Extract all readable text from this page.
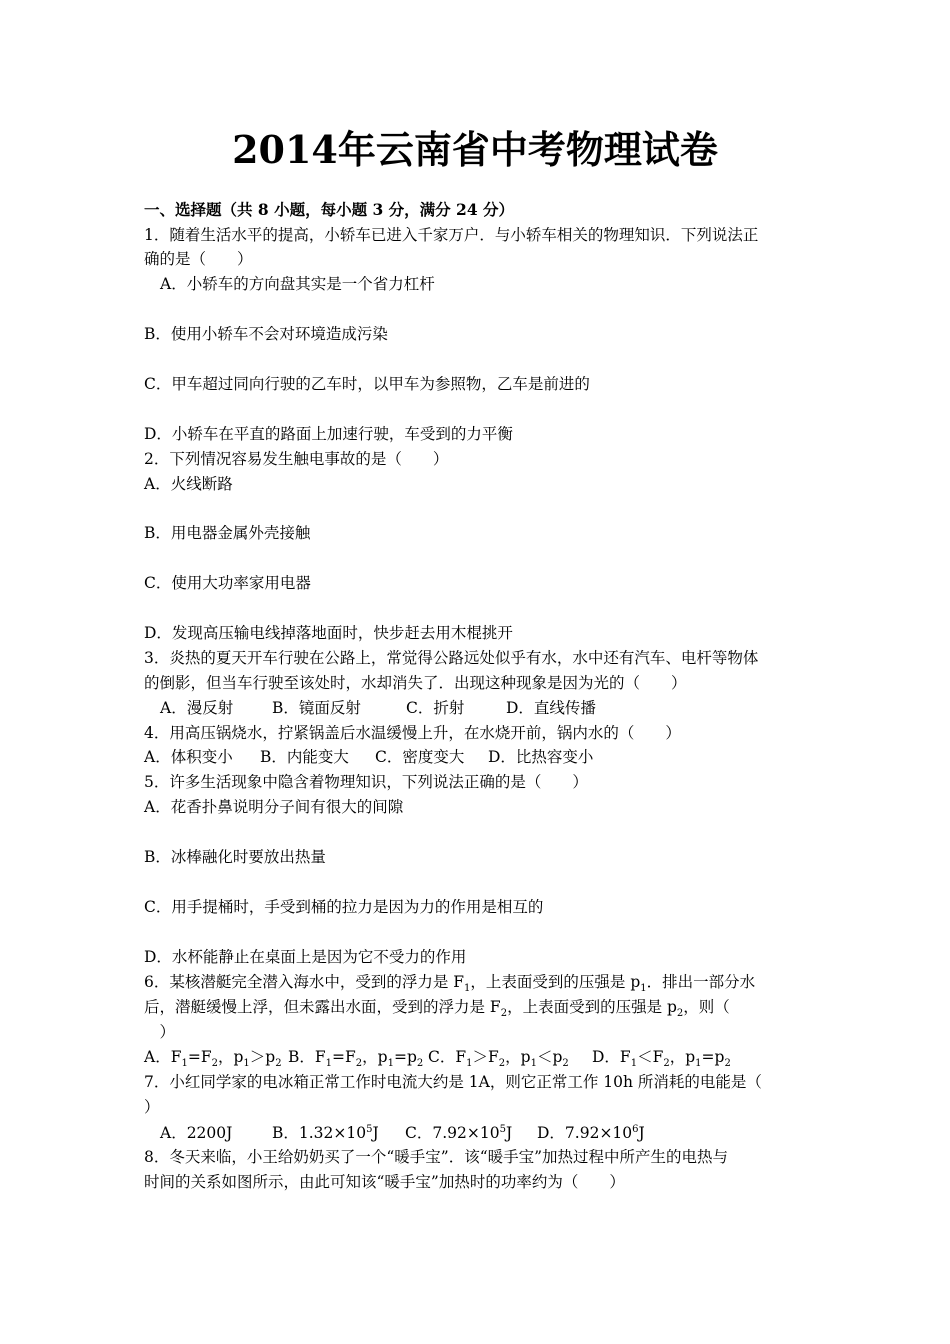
2014年云南省中考物理试卷
一、选择题（共 8 小题，每小题 3 分，满分 24 分）
1．随着生活水平的提高，小轿车已进入千家万户．与小轿车相关的物理知识．下列说法正
确的是（　　）
A．小轿车的方向盘其实是一个省力杠杆
B．使用小轿车不会对环境造成污染
C．甲车超过同向行驶的乙车时，以甲车为参照物，乙车是前进的
D．小轿车在平直的路面上加速行驶，车受到的力平衡
2．下列情况容易发生触电事故的是（　　）
A．火线断路
B．用电器金属外壳接触
C．使用大功率家用电器
D．发现高压输电线掉落地面时，快步赶去用木棍挑开
3．炎热的夏天开车行驶在公路上，常觉得公路远处似乎有水，水中还有汽车、电杆等物体
的倒影，但当车行驶至该处时，水却消失了．出现这种现象是因为光的（　　）
A．漫反射	B．镜面反射	C．折射	D．直线传播
4．用高压锅烧水，拧紧锅盖后水温缓慢上升，在水烧开前，锅内水的（　　）
A．体积变小 B．内能变大 C．密度变大 D．比热容变小
5．许多生活现象中隐含着物理知识，下列说法正确的是（　　）
A．花香扑鼻说明分子间有很大的间隙
B．冰棒融化时要放出热量
C．用手提桶时，手受到桶的拉力是因为力的作用是相互的
D．水杯能静止在桌面上是因为它不受力的作用
6．某核潜艇完全潜入海水中，受到的浮力是 $F_1$，上表面受到的压强是 $p_1$．排出一部分水
后，潜艇缓慢上浮，但未露出水面，受到的浮力是 $F_2$，上表面受到的压强是 $p_2$，则（
　）
A．$F_1=F_2$，$p_1>p_2$ B．$F_1=F_2$，$p_1=p_2$ C．$F_1>F_2$，$p_1<p_2$ D．$F_1<F_2$，$p_1=p_2$
7．小红同学家的电冰箱正常工作时电流大约是 1A，则它正常工作 10h 所消耗的电能是（
）
A．2200J	B．$1.32\times 10^5J$ C．$7.92\times 10^5J$ D．$7.92\times 10^6J$
8．冬天来临，小王给奶奶买了一个“暖手宝”．该“暖手宝”加热过程中所产生的电热与
时间的关系如图所示，由此可知该“暖手宝”加热时的功率约为（　　）
